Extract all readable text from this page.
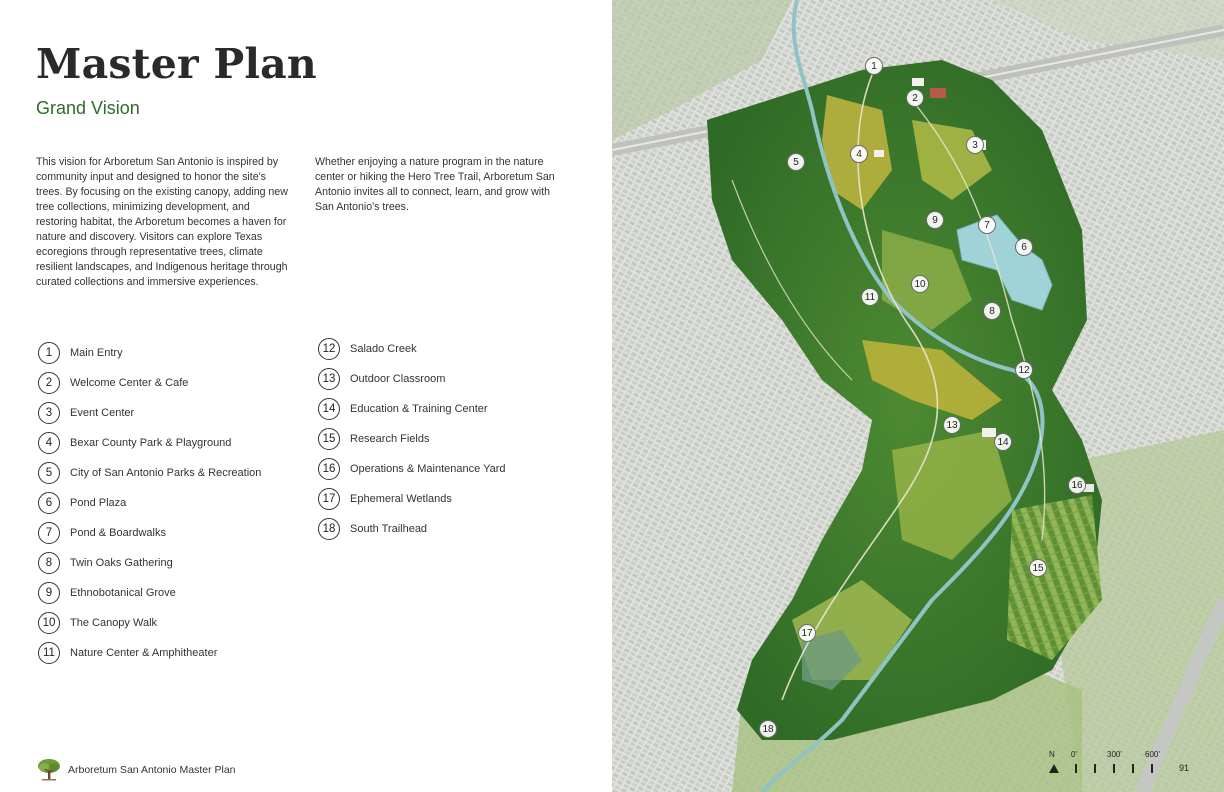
Master Plan
Grand Vision

This vision for Arboretum San Antonio is inspired by community input and designed to honor the site's trees. By focusing on the existing canopy, adding new tree collections, minimizing development, and restoring habitat, the Arboretum becomes a haven for nature and discovery. Visitors can explore Texas ecoregions through representative trees, climate resilient landscapes, and Indigenous heritage through curated collections and immersive experiences.

Whether enjoying a nature program in the nature center or hiking the Hero Tree Trail, Arboretum San Antonio invites all to connect, learn, and grow with San Antonio's trees.

1	Main Entry
2	Welcome Center & Cafe
3	Event Center
4	Bexar County Park & Playground
5	City of San Antonio Parks & Recreation
6	Pond Plaza
7	Pond & Boardwalks
8	Twin Oaks Gathering
9	Ethnobotanical Grove
10	The Canopy Walk
11	Nature Center & Amphitheater
12	Salado Creek
13	Outdoor Classroom
14	Education & Training Center
15	Research Fields
16	Operations & Maintenance Yard
17	Ephemeral Wetlands
18	South Trailhead
Arboretum San Antonio Master Plan
1
2
3
4
5
6
7
8
9
10
11
12
13
14
15
16
17
18
N 0'	300'	600'
91
